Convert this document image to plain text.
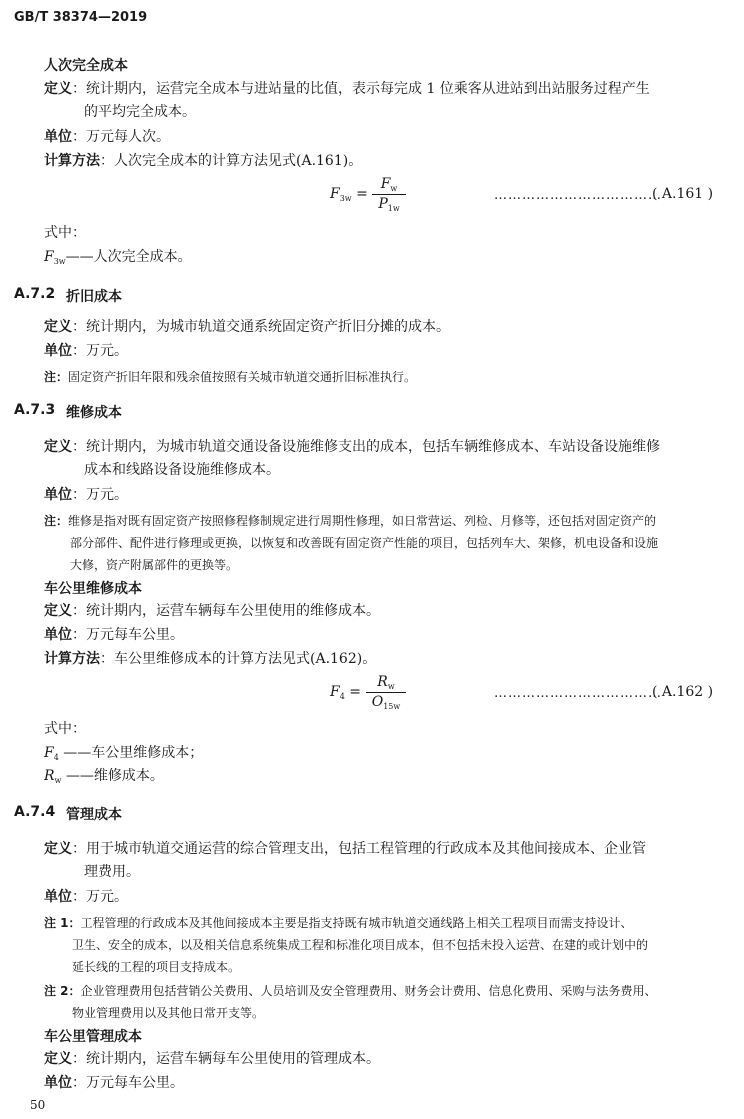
GB/T 38374—2019
人次完全成本
定义：统计期内，运营完全成本与进站量的比值，表示每完成 1 位乘客从进站到出站服务过程产生
的平均完全成本。
单位：万元每人次。
计算方法：人次完全成本的计算方法见式(A.161)。
$F_{3w}$ =
$F_w$
$P_{1w}$
………………………………
( A.161 )
式中：
$F_{3w}——$人次完全成本。
A.7.2 折旧成本
定义：统计期内，为城市轨道交通系统固定资产折旧分摊的成本。
单位：万元。
注：固定资产折旧年限和残余值按照有关城市轨道交通折旧标准执行。
A.7.3 维修成本
定义：统计期内，为城市轨道交通设备设施维修支出的成本，包括车辆维修成本、车站设备设施维修
成本和线路设备设施维修成本。
单位：万元。
注：维修是指对既有固定资产按照修程修制规定进行周期性修理，如日常营运、列检、月修等，还包括对固定资产的
部分部件、配件进行修理或更换，以恢复和改善既有固定资产性能的项目，包括列车大、架修，机电设备和设施
大修，资产附属部件的更换等。
车公里维修成本
定义：统计期内，运营车辆每车公里使用的维修成本。
单位：万元每车公里。
计算方法：车公里维修成本的计算方法见式(A.162)。
$F_4$ =
$R_w$
$O_{15w}$
………………………………
( A.162 )
式中：
$F_4$ ——车公里维修成本；
$R_w$ ——维修成本。
A.7.4 管理成本
定义：用于城市轨道交通运营的综合管理支出，包括工程管理的行政成本及其他间接成本、企业管
理费用。
单位：万元。
注 1：工程管理的行政成本及其他间接成本主要是指支持既有城市轨道交通线路上相关工程项目而需支持设计、
卫生、安全的成本，以及相关信息系统集成工程和标准化项目成本，但不包括未投入运营、在建的或计划中的
延长线的工程的项目支持成本。
注 2：企业管理费用包括营销公关费用、人员培训及安全管理费用、财务会计费用、信息化费用、采购与法务费用、
物业管理费用以及其他日常开支等。
车公里管理成本
定义：统计期内，运营车辆每车公里使用的管理成本。
单位：万元每车公里。
50
